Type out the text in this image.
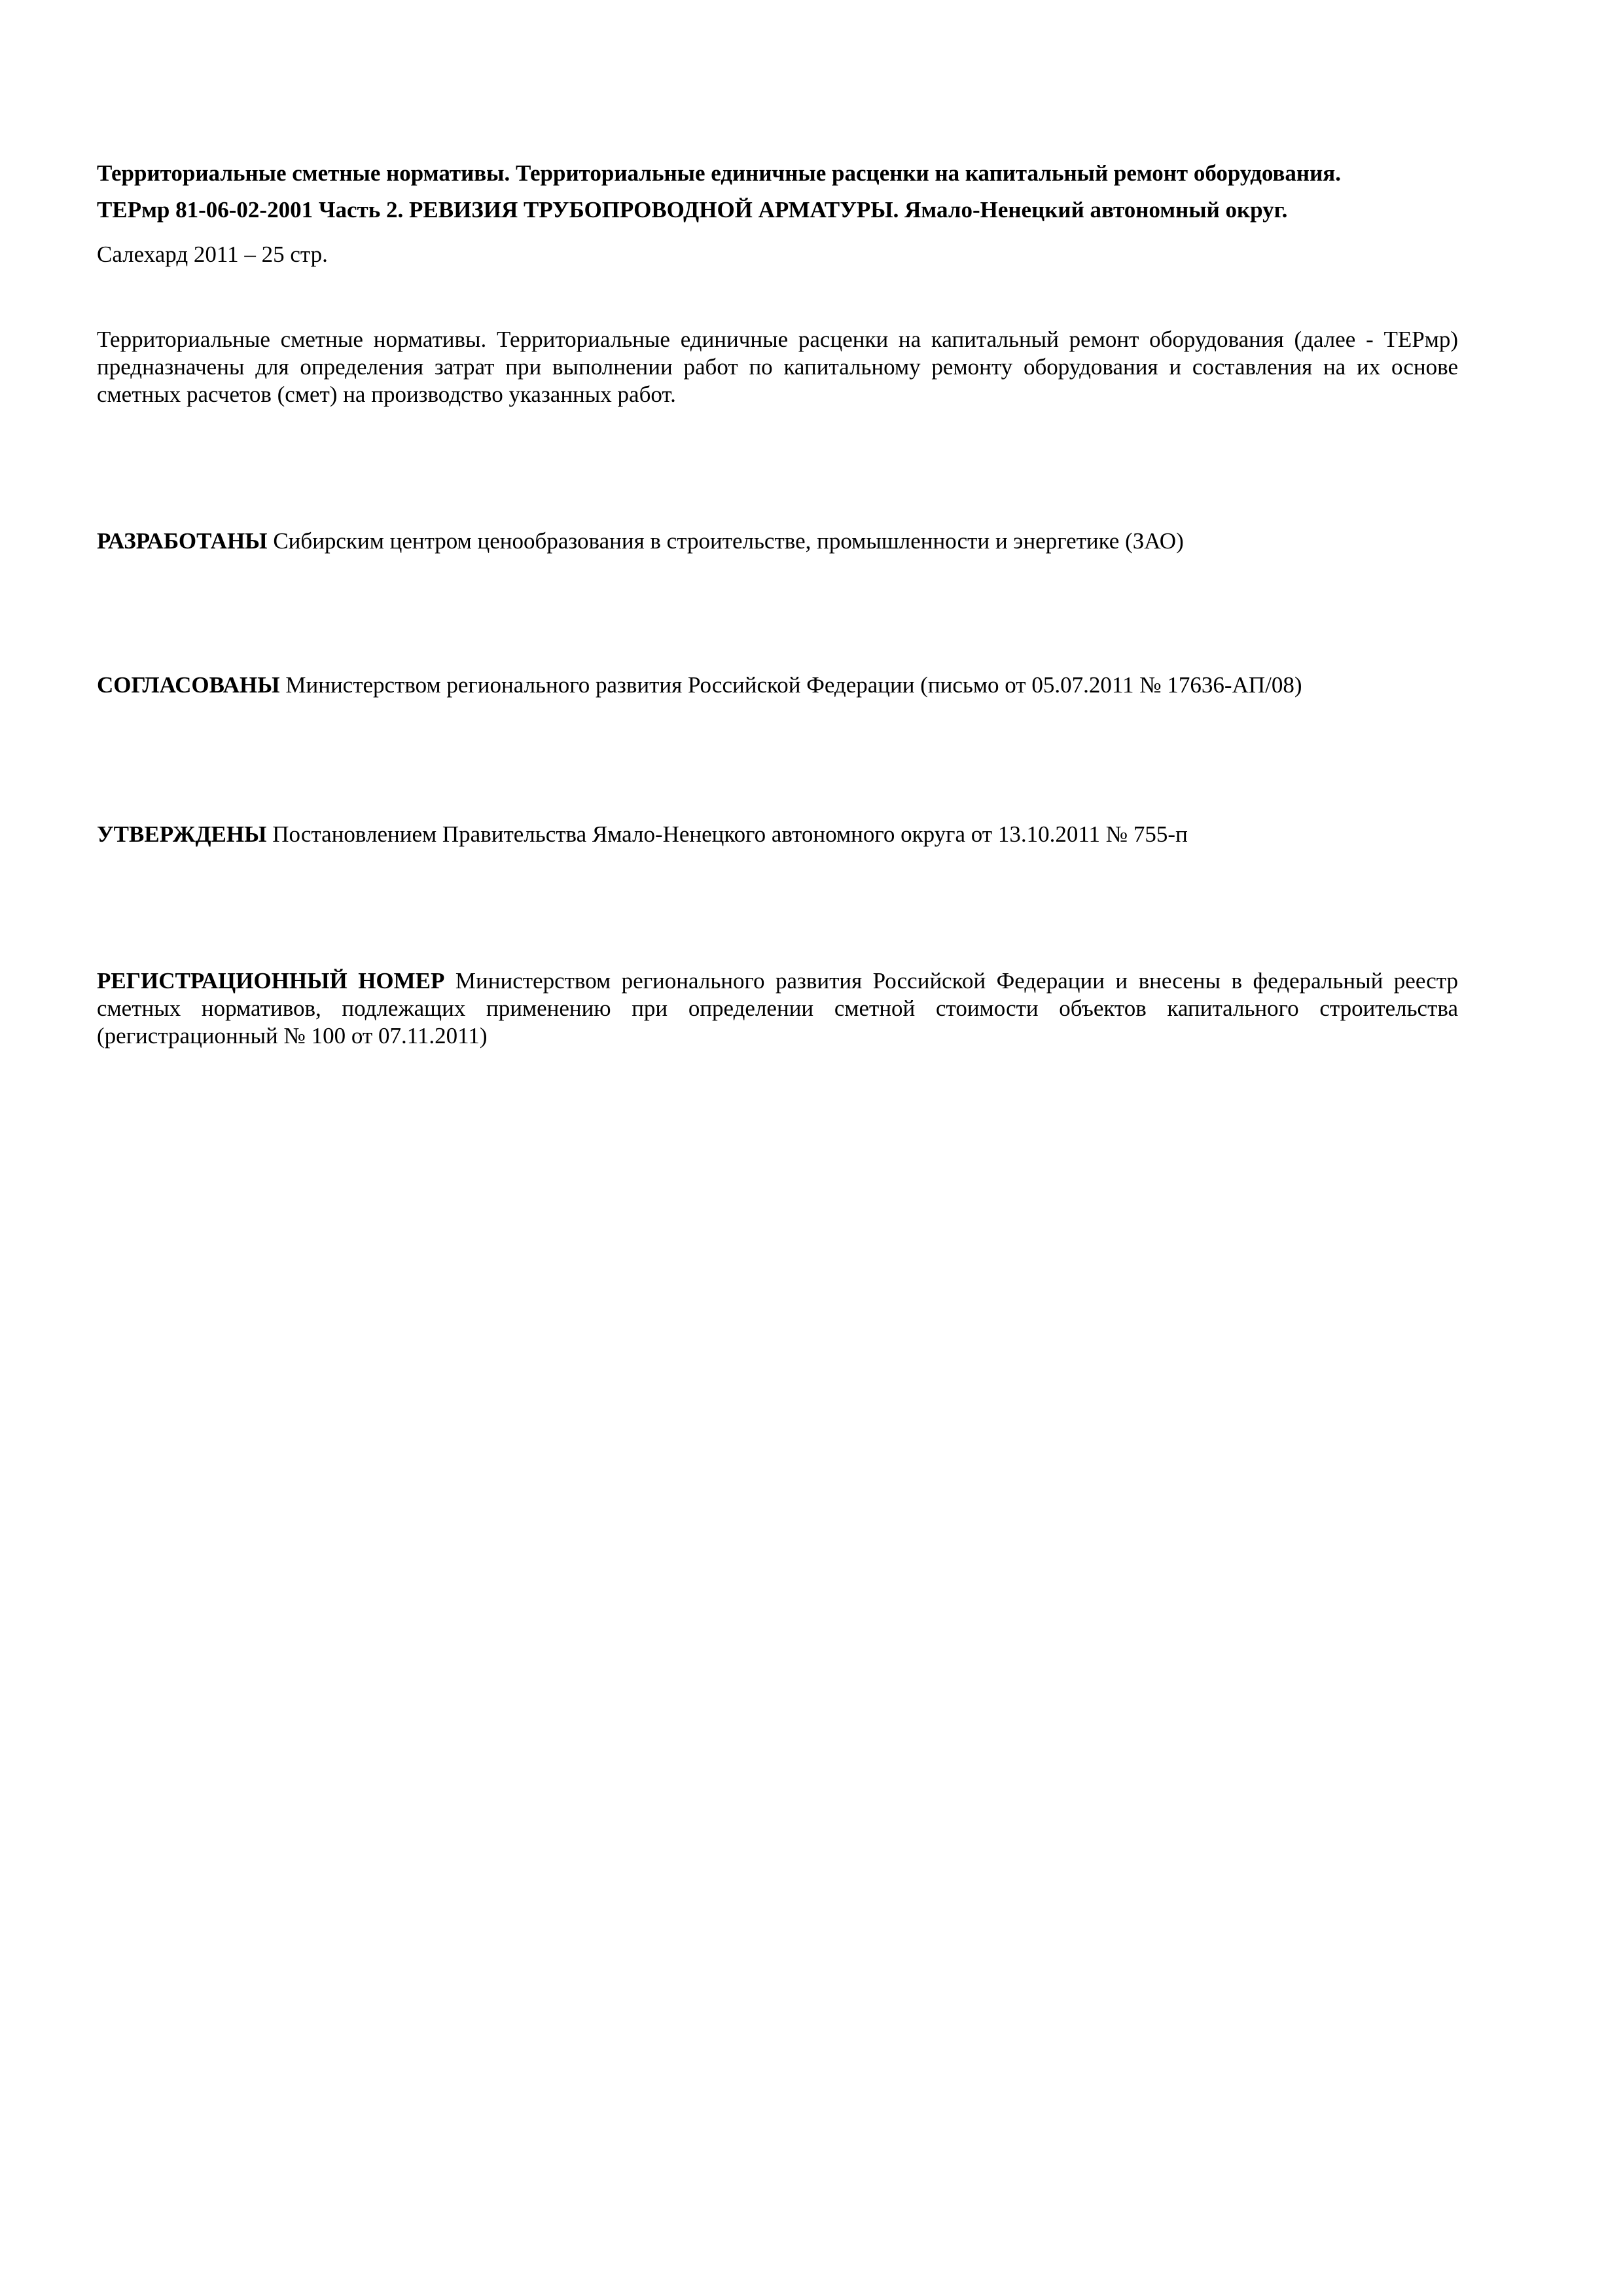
Территориальные сметные нормативы. Территориальные единичные расценки на капитальный ремонт оборудования.

ТЕРмр 81-06-02-2001 Часть 2. РЕВИЗИЯ ТРУБОПРОВОДНОЙ АРМАТУРЫ. Ямало-Ненецкий автономный округ.

Салехард 2011 – 25 стр.

Территориальные сметные нормативы. Территориальные единичные расценки на капитальный ремонт оборудования (далее - ТЕРмр) предназначены для определения затрат при выполнении работ по капитальному ремонту оборудования и составления на их основе сметных расчетов (смет) на производство указанных работ.

РАЗРАБОТАНЫ Сибирским центром ценообразования в строительстве, промышленности и энергетике (ЗАО)

СОГЛАСОВАНЫ Министерством регионального развития Российской Федерации (письмо от 05.07.2011 № 17636-АП/08)

УТВЕРЖДЕНЫ Постановлением Правительства Ямало-Ненецкого автономного округа от 13.10.2011 № 755-п

РЕГИСТРАЦИОННЫЙ НОМЕР Министерством регионального развития Российской Федерации и внесены в федеральный реестр сметных нормативов, подлежащих применению при определении сметной стоимости объектов капитального строительства (регистрационный № 100 от 07.11.2011)
